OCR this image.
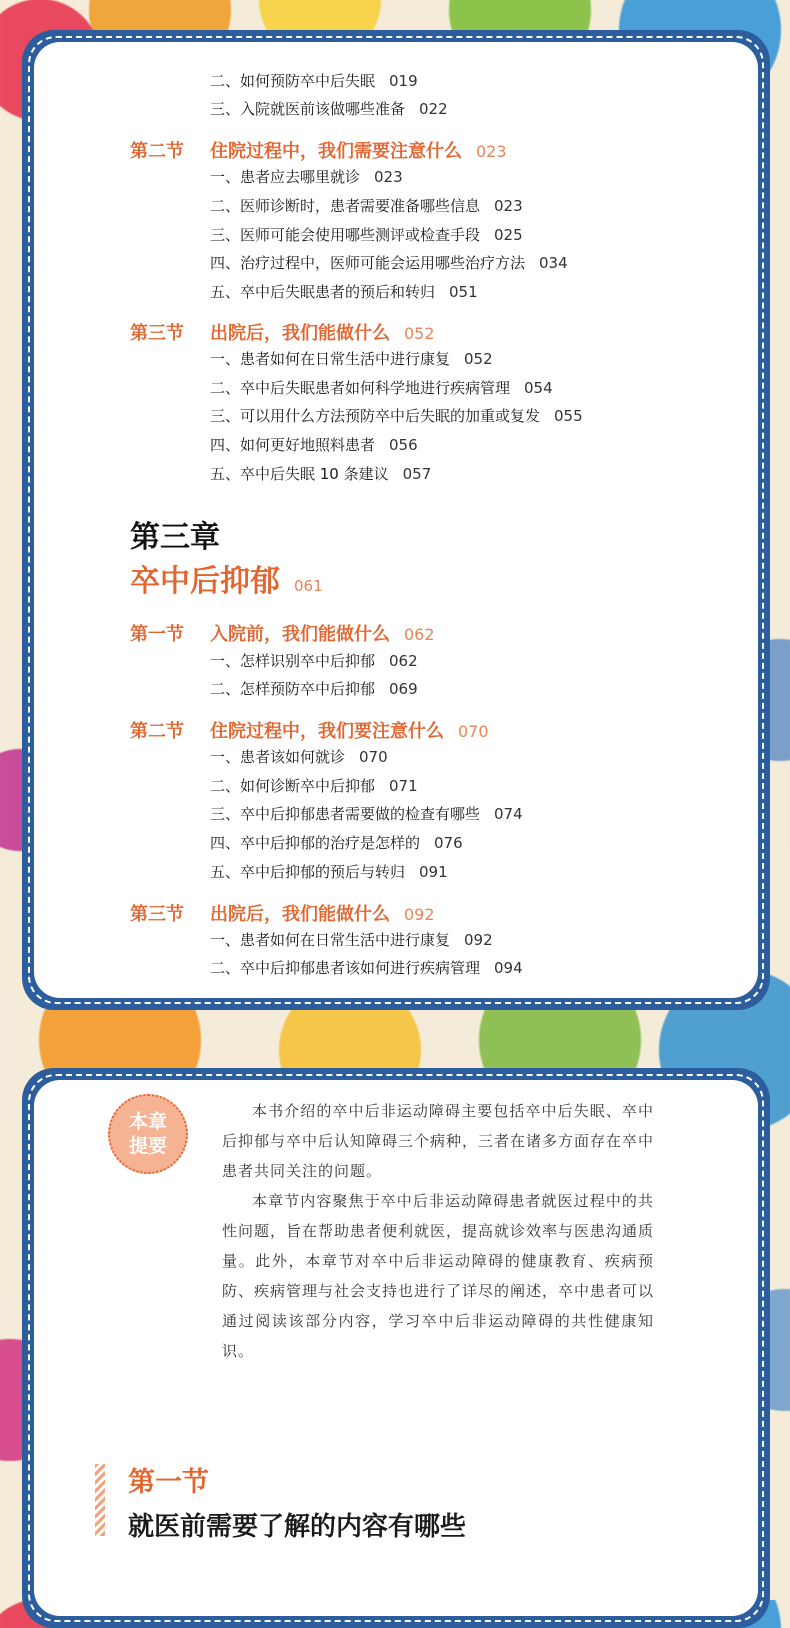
二、如何预防卒中后失眠 019
三、入院就医前该做哪些准备 022
第二节 住院过程中，我们需要注意什么 023
一、患者应去哪里就诊 023
二、医师诊断时，患者需要准备哪些信息 023
三、医师可能会使用哪些测评或检查手段 025
四、治疗过程中，医师可能会运用哪些治疗方法 034
五、卒中后失眠患者的预后和转归 051
第三节 出院后，我们能做什么 052
一、患者如何在日常生活中进行康复 052
二、卒中后失眠患者如何科学地进行疾病管理 054
三、可以用什么方法预防卒中后失眠的加重或复发 055
四、如何更好地照料患者 056
五、卒中后失眠 10 条建议 057
第三章
卒中后抑郁 061
第一节 入院前，我们能做什么 062
一、怎样识别卒中后抑郁 062
二、怎样预防卒中后抑郁 069
第二节 住院过程中，我们要注意什么 070
一、患者该如何就诊 070
二、如何诊断卒中后抑郁 071
三、卒中后抑郁患者需要做的检查有哪些 074
四、卒中后抑郁的治疗是怎样的 076
五、卒中后抑郁的预后与转归 091
第三节 出院后，我们能做什么 092
一、患者如何在日常生活中进行康复 092
二、卒中后抑郁患者该如何进行疾病管理 094
本章
提要

本书介绍的卒中后非运动障碍主要包括卒中后失眠、卒中后抑郁与卒中后认知障碍三个病种，三者在诸多方面存在卒中患者共同关注的问题。

本章节内容聚焦于卒中后非运动障碍患者就医过程中的共性问题，旨在帮助患者便利就医，提高就诊效率与医患沟通质量。此外，本章节对卒中后非运动障碍的健康教育、疾病预防、疾病管理与社会支持也进行了详尽的阐述，卒中患者可以通过阅读该部分内容，学习卒中后非运动障碍的共性健康知识。

第一节
就医前需要了解的内容有哪些
